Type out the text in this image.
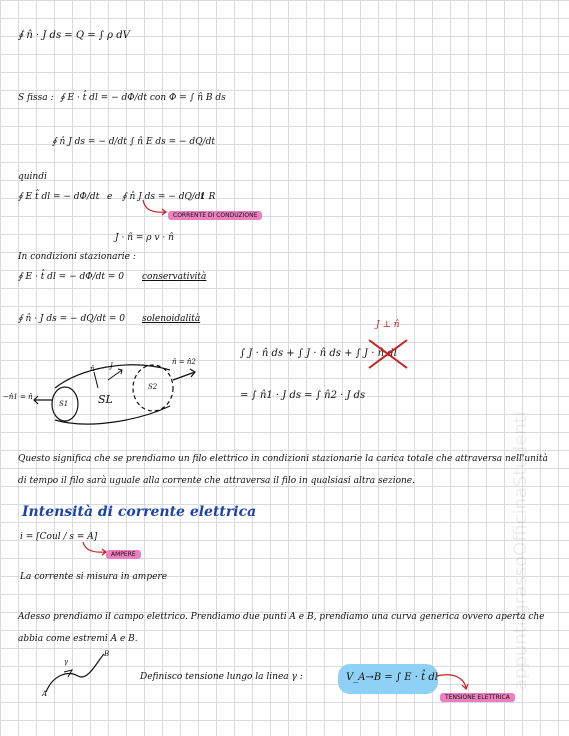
∮ n̂ · J ds = Q = ∫ ρ dV
S fissa : ∮ E · t̂ dl = − dΦ/dt con Φ = ∫ n̂ B ds
∮ n̂ J ds = − d/dt ∫ n̂ E ds = − dQ/dt
quindi
∮ E t̂ dl = − dΦ/dt e ∮ n̂ J ds = − dQ/dt
1 R
CORRENTE DI CONDUZIONE
J · n̂ = ρ v · n̂
In condizioni stazionarie :
∮ E · t̂ dl = − dΦ/dt = 0 conservatività
∮ n̂ · J ds = − dQ/dt = 0 solenoidalità
J ⊥ n̂
∫ J · n̂ ds + ∫ J · n̂ ds + ∫ J · n̂ dl
= ∫ n̂1 · J ds = ∫ n̂2 · J ds
−n̂1 = n̂
S1
S2
SL
n̂ J	n̂ = n̂2
Questo significa che se prendiamo un filo elettrico in condizioni stazionarie la carica totale che attraversa nell'unità di tempo il filo sarà uguale alla corrente che attraversa il filo in qualsiasi altra sezione.
Intensità di corrente elettrica
i = [Coul / s = A]
AMPERE
La corrente si misura in ampere
Adesso prendiamo il campo elettrico. Prendiamo due punti A e B, prendiamo una curva generica ovvero aperta che abbia come estremi A e B.
A
B
γ
Definisco tensione lungo la linea γ :	V_A→B = ∫ E · t̂ dl
TENSIONE ELETTRICA
appunti.grassoOfficinaStudenti
